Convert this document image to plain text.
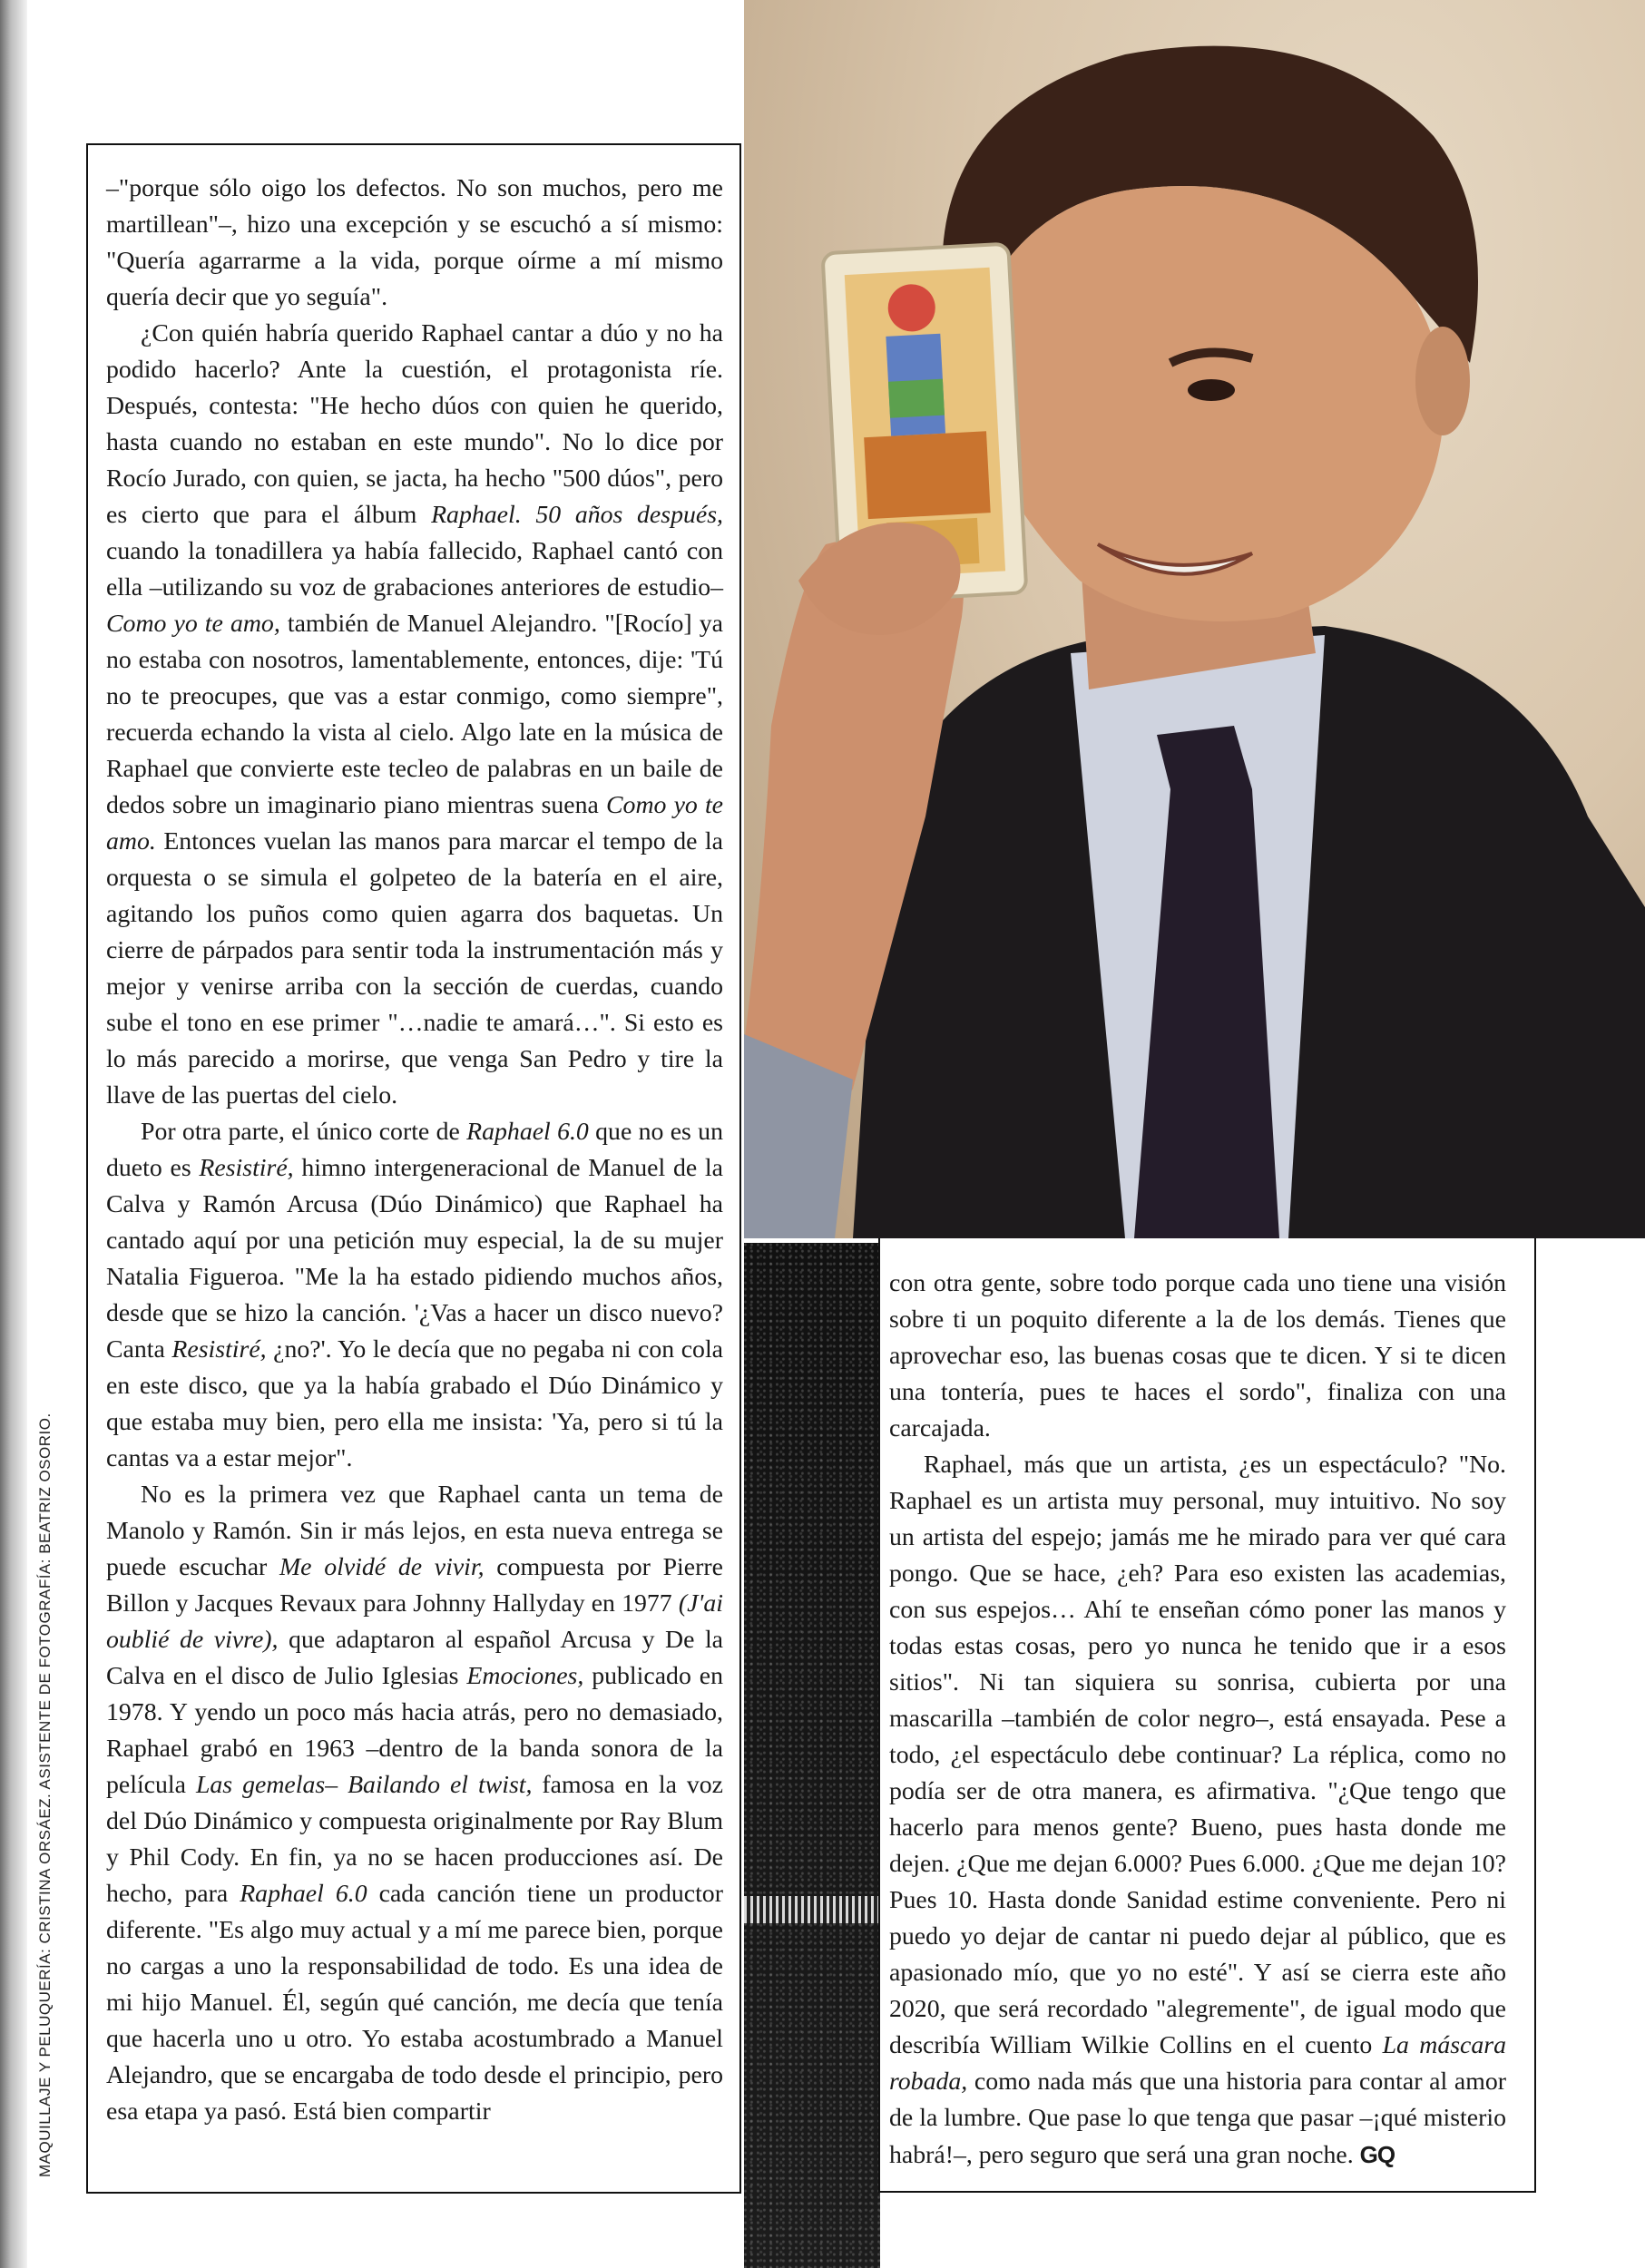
MAQUILLAJE Y PELUQUERÍA: CRISTINA ORSÁEZ. ASISTENTE DE FOTOGRAFÍA: BEATRIZ OSORIO.

–"porque sólo oigo los defectos. No son muchos, pero me martillean"–, hizo una excepción y se escuchó a sí mismo: "Quería agarrarme a la vida, porque oírme a mí mismo quería decir que yo seguía".

¿Con quién habría querido Raphael cantar a dúo y no ha podido hacerlo? Ante la cuestión, el protagonista ríe. Después, contesta: "He hecho dúos con quien he querido, hasta cuando no estaban en este mundo". No lo dice por Rocío Jurado, con quien, se jacta, ha hecho "500 dúos", pero es cierto que para el álbum Raphael. 50 años después, cuando la tonadillera ya había fallecido, Raphael cantó con ella –utilizando su voz de grabaciones anteriores de estudio– Como yo te amo, también de Manuel Alejandro. "[Rocío] ya no estaba con nosotros, lamentablemente, entonces, dije: 'Tú no te preocupes, que vas a estar conmigo, como siempre", recuerda echando la vista al cielo. Algo late en la música de Raphael que convierte este tecleo de palabras en un baile de dedos sobre un imaginario piano mientras suena Como yo te amo. Entonces vuelan las manos para marcar el tempo de la orquesta o se simula el golpeteo de la batería en el aire, agitando los puños como quien agarra dos baquetas. Un cierre de párpados para sentir toda la instrumentación más y mejor y venirse arriba con la sección de cuerdas, cuando sube el tono en ese primer "…nadie te amará…". Si esto es lo más parecido a morirse, que venga San Pedro y tire la llave de las puertas del cielo.

Por otra parte, el único corte de Raphael 6.0 que no es un dueto es Resistiré, himno intergeneracional de Manuel de la Calva y Ramón Arcusa (Dúo Dinámico) que Raphael ha cantado aquí por una petición muy especial, la de su mujer Natalia Figueroa. "Me la ha estado pidiendo muchos años, desde que se hizo la canción. '¿Vas a hacer un disco nuevo? Canta Resistiré, ¿no?'. Yo le decía que no pegaba ni con cola en este disco, que ya la había grabado el Dúo Dinámico y que estaba muy bien, pero ella me insista: 'Ya, pero si tú la cantas va a estar mejor".

No es la primera vez que Raphael canta un tema de Manolo y Ramón. Sin ir más lejos, en esta nueva entrega se puede escuchar Me olvidé de vivir, compuesta por Pierre Billon y Jacques Revaux para Johnny Hallyday en 1977 (J'ai oublié de vivre), que adaptaron al español Arcusa y De la Calva en el disco de Julio Iglesias Emociones, publicado en 1978. Y yendo un poco más hacia atrás, pero no demasiado, Raphael grabó en 1963 –dentro de la banda sonora de la película Las gemelas– Bailando el twist, famosa en la voz del Dúo Dinámico y compuesta originalmente por Ray Blum y Phil Cody. En fin, ya no se hacen producciones así. De hecho, para Raphael 6.0 cada canción tiene un productor diferente. "Es algo muy actual y a mí me parece bien, porque no cargas a uno la responsabilidad de todo. Es una idea de mi hijo Manuel. Él, según qué canción, me decía que tenía que hacerla uno u otro. Yo estaba acostumbrado a Manuel Alejandro, que se encargaba de todo desde el principio, pero esa etapa ya pasó. Está bien compartir

con otra gente, sobre todo porque cada uno tiene una visión sobre ti un poquito diferente a la de los demás. Tienes que aprovechar eso, las buenas cosas que te dicen. Y si te dicen una tontería, pues te haces el sordo", finaliza con una carcajada.

Raphael, más que un artista, ¿es un espectáculo? "No. Raphael es un artista muy personal, muy intuitivo. No soy un artista del espejo; jamás me he mirado para ver qué cara pongo. Que se hace, ¿eh? Para eso existen las academias, con sus espejos… Ahí te enseñan cómo poner las manos y todas estas cosas, pero yo nunca he tenido que ir a esos sitios". Ni tan siquiera su sonrisa, cubierta por una mascarilla –también de color negro–, está ensayada. Pese a todo, ¿el espectáculo debe continuar? La réplica, como no podía ser de otra manera, es afirmativa. "¿Que tengo que hacerlo para menos gente? Bueno, pues hasta donde me dejen. ¿Que me dejan 6.000? Pues 6.000. ¿Que me dejan 10? Pues 10. Hasta donde Sanidad estime conveniente. Pero ni puedo yo dejar de cantar ni puedo dejar al público, que es apasionado mío, que yo no esté". Y así se cierra este año 2020, que será recordado "alegremente", de igual modo que describía William Wilkie Collins en el cuento La máscara robada, como nada más que una historia para contar al amor de la lumbre. Que pase lo que tenga que pasar –¡qué misterio habrá!–, pero seguro que será una gran noche. GQ
